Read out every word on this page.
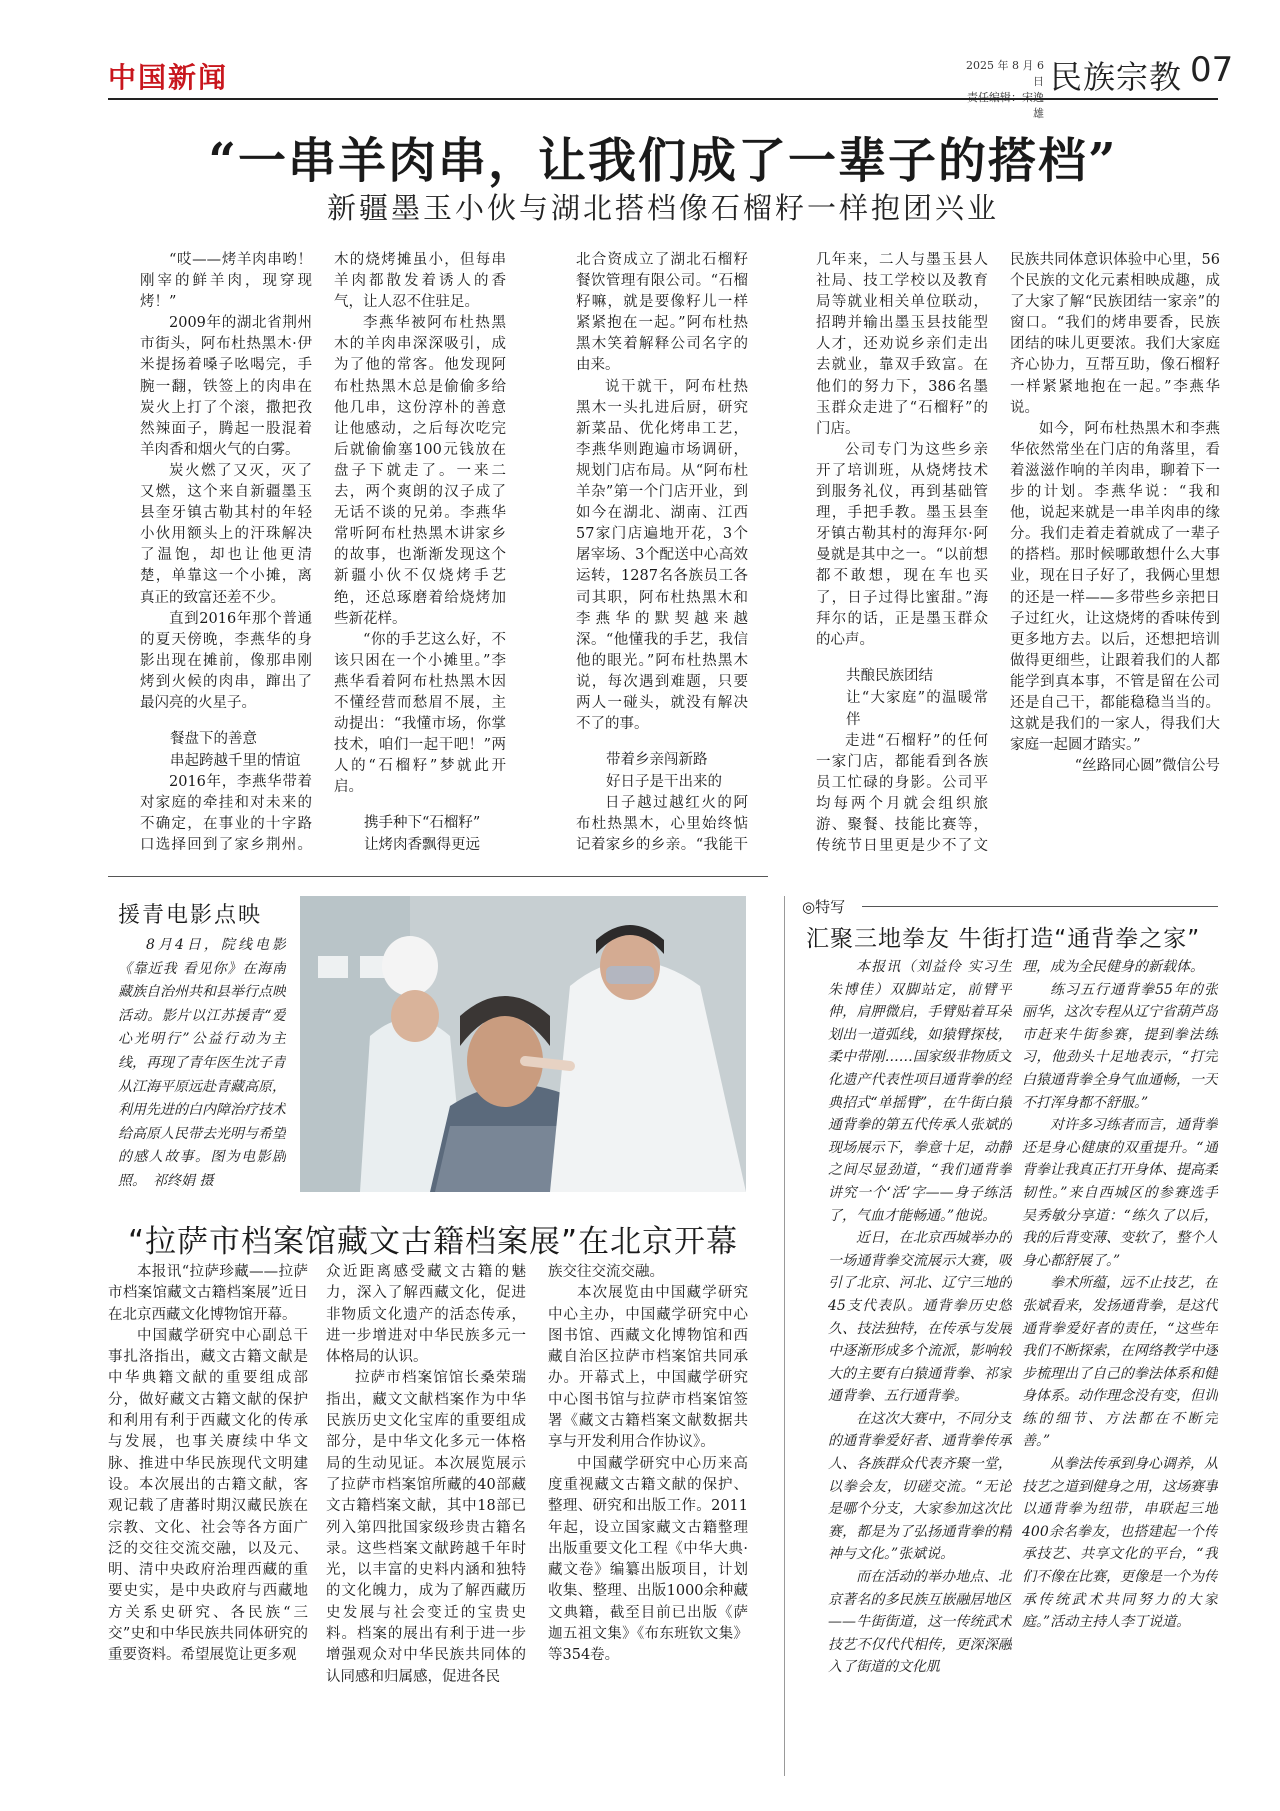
中国新闻	2025 年 8 月 6 日
雄
民族宗教 07
“一串羊肉串，让我们成了一辈子的搭档”
新疆墨玉小伙与湖北搭档像石榴籽一样抱团兴业

“哎——烤羊肉串哟！刚宰的鲜羊肉，现穿现烤！”

2009年的湖北省荆州市街头，阿布杜热黑木·伊米提扬着嗓子吆喝完，手腕一翻，铁签上的肉串在炭火上打了个滚，撒把孜然辣面子，腾起一股混着羊肉香和烟火气的白雾。

炭火燃了又灭，灭了又燃，这个来自新疆墨玉县奎牙镇古勒其村的年轻小伙用额头上的汗珠解决了温饱，却也让他更清楚，单靠这一个小摊，离真正的致富还差不少。

直到2016年那个普通的夏天傍晚，李燕华的身影出现在摊前，像那串刚烤到火候的肉串，蹿出了最闪亮的火星子。

餐盘下的善意

串起跨越千里的情谊

2016年，李燕华带着对家庭的牵挂和对未来的不确定，在事业的十字路口选择回到了家乡荆州。

木的烧烤摊虽小，但每串羊肉都散发着诱人的香气，让人忍不住驻足。

李燕华被阿布杜热黑木的羊肉串深深吸引，成为了他的常客。他发现阿布杜热黑木总是偷偷多给他几串，这份淳朴的善意让他感动，之后每次吃完后就偷偷塞100元钱放在盘子下就走了。一来二去，两个爽朗的汉子成了无话不谈的兄弟。李燕华常听阿布杜热黑木讲家乡的故事，也渐渐发现这个新疆小伙不仅烧烤手艺绝，还总琢磨着给烧烤加些新花样。

“你的手艺这么好，不该只困在一个小摊里。”李燕华看着阿布杜热黑木因不懂经营而愁眉不展，主动提出：“我懂市场，你掌技术，咱们一起干吧！”两人的“石榴籽”梦就此开启。

携手种下“石榴籽”

让烤肉香飘得更远

北合资成立了湖北石榴籽餐饮管理有限公司。“石榴籽嘛，就是要像籽儿一样紧紧抱在一起。”阿布杜热黑木笑着解释公司名字的由来。

说干就干，阿布杜热黑木一头扎进后厨，研究新菜品、优化烤串工艺，李燕华则跑遍市场调研，规划门店布局。从“阿布杜羊杂”第一个门店开业，到如今在湖北、湖南、江西57家门店遍地开花，3个屠宰场、3个配送中心高效运转，1287名各族员工各司其职，阿布杜热黑木和李燕华的默契越来越深。“他懂我的手艺，我信他的眼光。”阿布杜热黑木说，每次遇到难题，只要两人一碰头，就没有解决不了的事。

带着乡亲闯新路

好日子是干出来的

日子越过越红火的阿布杜热黑木，心里始终惦记着家乡的乡亲。“我能干

几年来，二人与墨玉县人社局、技工学校以及教育局等就业相关单位联动，招聘并输出墨玉县技能型人才，还劝说乡亲们走出去就业，靠双手致富。在他们的努力下，386名墨玉群众走进了“石榴籽”的门店。

公司专门为这些乡亲开了培训班，从烧烤技术到服务礼仪，再到基础管理，手把手教。墨玉县奎牙镇古勒其村的海拜尔·阿曼就是其中之一。“以前想都不敢想，现在车也买了，日子过得比蜜甜。”海拜尔的话，正是墨玉群众的心声。

共酿民族团结

让“大家庭”的温暖常伴

走进“石榴籽”的任何一家门店，都能看到各族员工忙碌的身影。公司平均每两个月就会组织旅游、聚餐、技能比赛等，传统节日里更是少不了文

民族共同体意识体验中心里，56个民族的文化元素相映成趣，成了大家了解“民族团结一家亲”的窗口。“我们的烤串要香，民族团结的味儿更要浓。我们大家庭齐心协力，互帮互助，像石榴籽一样紧紧地抱在一起。”李燕华说。

如今，阿布杜热黑木和李燕华依然常坐在门店的角落里，看着滋滋作响的羊肉串，聊着下一步的计划。李燕华说：“我和他，说起来就是一串羊肉串的缘分。我们走着走着就成了一辈子的搭档。那时候哪敢想什么大事业，现在日子好了，我俩心里想的还是一样——多带些乡亲把日子过红火，让这烧烤的香味传到更多地方去。以后，还想把培训做得更细些，让跟着我们的人都能学到真本事，不管是留在公司还是自己干，都能稳稳当当的。这就是我们的一家人，得我们大家庭一起圆才踏实。”

“丝路同心圆”微信公号

援青电影点映
8月4日，院线电影《靠近我 看见你》在海南藏族自治州共和县举行点映活动。影片以江苏援青“爱心光明行”公益行动为主线，再现了青年医生沈子青从江海平原远赴青藏高原，利用先进的白内障治疗技术给高原人民带去光明与希望的感人故事。图为电影剧照。　祁终娟 摄
◎特写
汇聚三地拳友 牛街打造“通背拳之家”

本报讯（刘益伶 实习生朱博佳）双脚站定，前臂平伸，肩胛微启，手臂贴着耳朵划出一道弧线，如猿臂探枝，柔中带刚……国家级非物质文化遗产代表性项目通背拳的经典招式“单摇臂”，在牛街白猿通背拳的第五代传承人张斌的现场展示下，拳意十足，动静之间尽显劲道，“我们通背拳讲究一个‘活’字——身子练活了，气血才能畅通。”他说。

近日，在北京西城举办的一场通背拳交流展示大赛，吸引了北京、河北、辽宁三地的45支代表队。通背拳历史悠久、技法独特，在传承与发展中逐渐形成多个流派，影响较大的主要有白猿通背拳、祁家通背拳、五行通背拳。

在这次大赛中，不同分支的通背拳爱好者、通背拳传承人、各族群众代表齐聚一堂，以拳会友，切磋交流。“无论是哪个分支，大家参加这次比赛，都是为了弘扬通背拳的精神与文化。”张斌说。

而在活动的举办地点、北京著名的多民族互嵌融居地区——牛街街道，这一传统武术技艺不仅代代相传，更深深融入了街道的文化肌

理，成为全民健身的新载体。

练习五行通背拳55年的张丽华，这次专程从辽宁省葫芦岛市赶来牛街参赛，提到拳法练习，他劲头十足地表示，“打完白猿通背拳全身气血通畅，一天不打浑身都不舒服。”

对许多习练者而言，通背拳还是身心健康的双重提升。“通背拳让我真正打开身体、提高柔韧性。”来自西城区的参赛选手吴秀敏分享道：“练久了以后，我的后背变薄、变软了，整个人身心都舒展了。”

拳术所蕴，远不止技艺，在张斌看来，发扬通背拳，是这代通背拳爱好者的责任，“这些年我们不断探索，在网络教学中逐步梳理出了自己的拳法体系和健身体系。动作理念没有变，但训练的细节、方法都在不断完善。”

从拳法传承到身心调养，从技艺之道到健身之用，这场赛事以通背拳为纽带，串联起三地400余名拳友，也搭建起一个传承技艺、共享文化的平台，“我们不像在比赛，更像是一个为传承传统武术共同努力的大家庭。”活动主持人李丁说道。

“拉萨市档案馆藏文古籍档案展”在北京开幕

本报讯“拉萨珍藏——拉萨市档案馆藏文古籍档案展”近日在北京西藏文化博物馆开幕。

中国藏学研究中心副总干事扎洛指出，藏文古籍文献是中华典籍文献的重要组成部分，做好藏文古籍文献的保护和利用有利于西藏文化的传承与发展，也事关赓续中华文脉、推进中华民族现代文明建设。本次展出的古籍文献，客观记载了唐蕃时期汉藏民族在宗教、文化、社会等各方面广泛的交往交流交融，以及元、明、清中央政府治理西藏的重要史实，是中央政府与西藏地方关系史研究、各民族“三交”史和中华民族共同体研究的重要资料。希望展览让更多观

众近距离感受藏文古籍的魅力，深入了解西藏文化，促进非物质文化遗产的活态传承，进一步增进对中华民族多元一体格局的认识。

拉萨市档案馆馆长桑荣瑞指出，藏文文献档案作为中华民族历史文化宝库的重要组成部分，是中华文化多元一体格局的生动见证。本次展览展示了拉萨市档案馆所藏的40部藏文古籍档案文献，其中18部已列入第四批国家级珍贵古籍名录。这些档案文献跨越千年时光，以丰富的史料内涵和独特的文化魄力，成为了解西藏历史发展与社会变迁的宝贵史料。档案的展出有利于进一步增强观众对中华民族共同体的认同感和归属感，促进各民

族交往交流交融。

本次展览由中国藏学研究中心主办，中国藏学研究中心图书馆、西藏文化博物馆和西藏自治区拉萨市档案馆共同承办。开幕式上，中国藏学研究中心图书馆与拉萨市档案馆签署《藏文古籍档案文献数据共享与开发利用合作协议》。

中国藏学研究中心历来高度重视藏文古籍文献的保护、整理、研究和出版工作。2011年起，设立国家藏文古籍整理出版重要文化工程《中华大典·藏文卷》编纂出版项目，计划收集、整理、出版1000余种藏文典籍，截至目前已出版《萨迦五祖文集》《布东班钦文集》等354卷。
